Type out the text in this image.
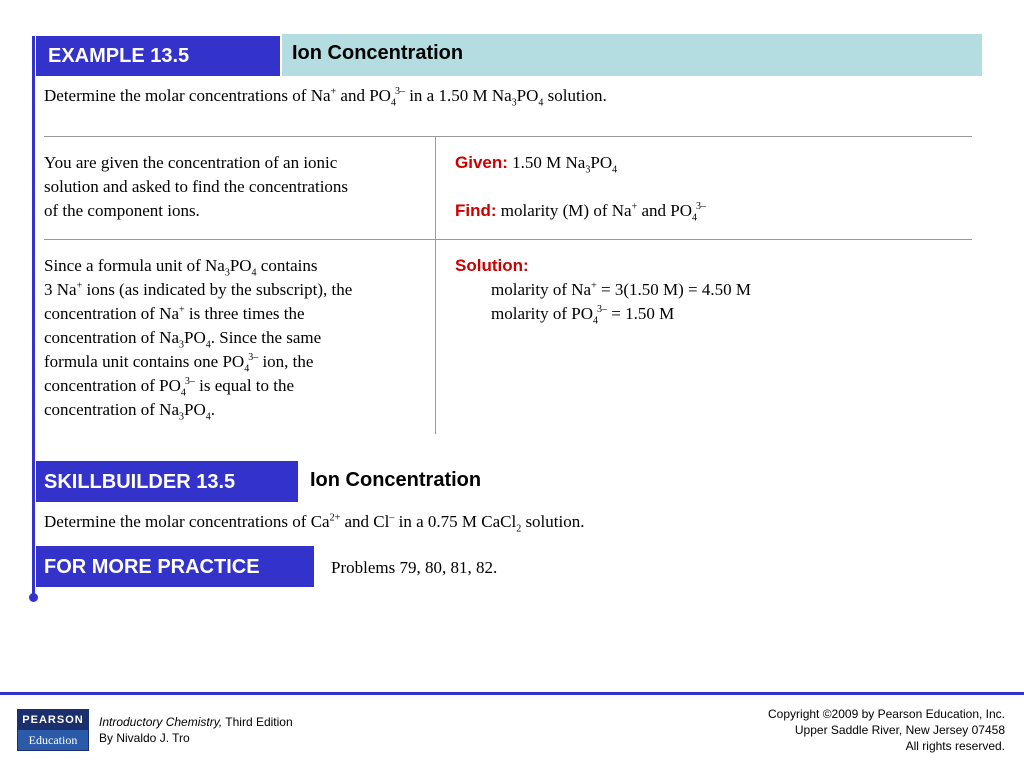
EXAMPLE 13.5	Ion Concentration
Determine the molar concentrations of Na+ and $PO_4^{3-}$ in a 1.50 M $Na_3PO_4$ solution.
You are given the concentration of an ionic
solution and asked to find the concentrations
of the component ions.
Given: 1.50 M $Na_3PO_4$
Find: molarity (M) of Na+ and $PO_4^{3-}$
Since a formula unit of $Na_3PO_4$ contains
3 Na+ ions (as indicated by the subscript), the
concentration of Na+ is three times the
concentration of $Na_3PO_4$. Since the same
formula unit contains one $PO_4^{3-}$ ion, the
concentration of $PO_4^{3-}$ is equal to the
concentration of $Na_3PO_4$.
Solution:
molarity of Na+ = 3(1.50 M) = 4.50 M
molarity of $PO_4^{3-} = 1.50$ M
SKILLBUILDER 13.5	Ion Concentration
Determine the molar concentrations of $Ca^{2+}$ and Cl– in a 0.75 M CaCl$_2$ solution.
FOR MORE PRACTICE	Problems 79, 80, 81, 82.
PEARSON
Education
Introductory Chemistry, Third Edition
By Nivaldo J. Tro
Copyright ©2009 by Pearson Education, Inc.
Upper Saddle River, New Jersey 07458
All rights reserved.
